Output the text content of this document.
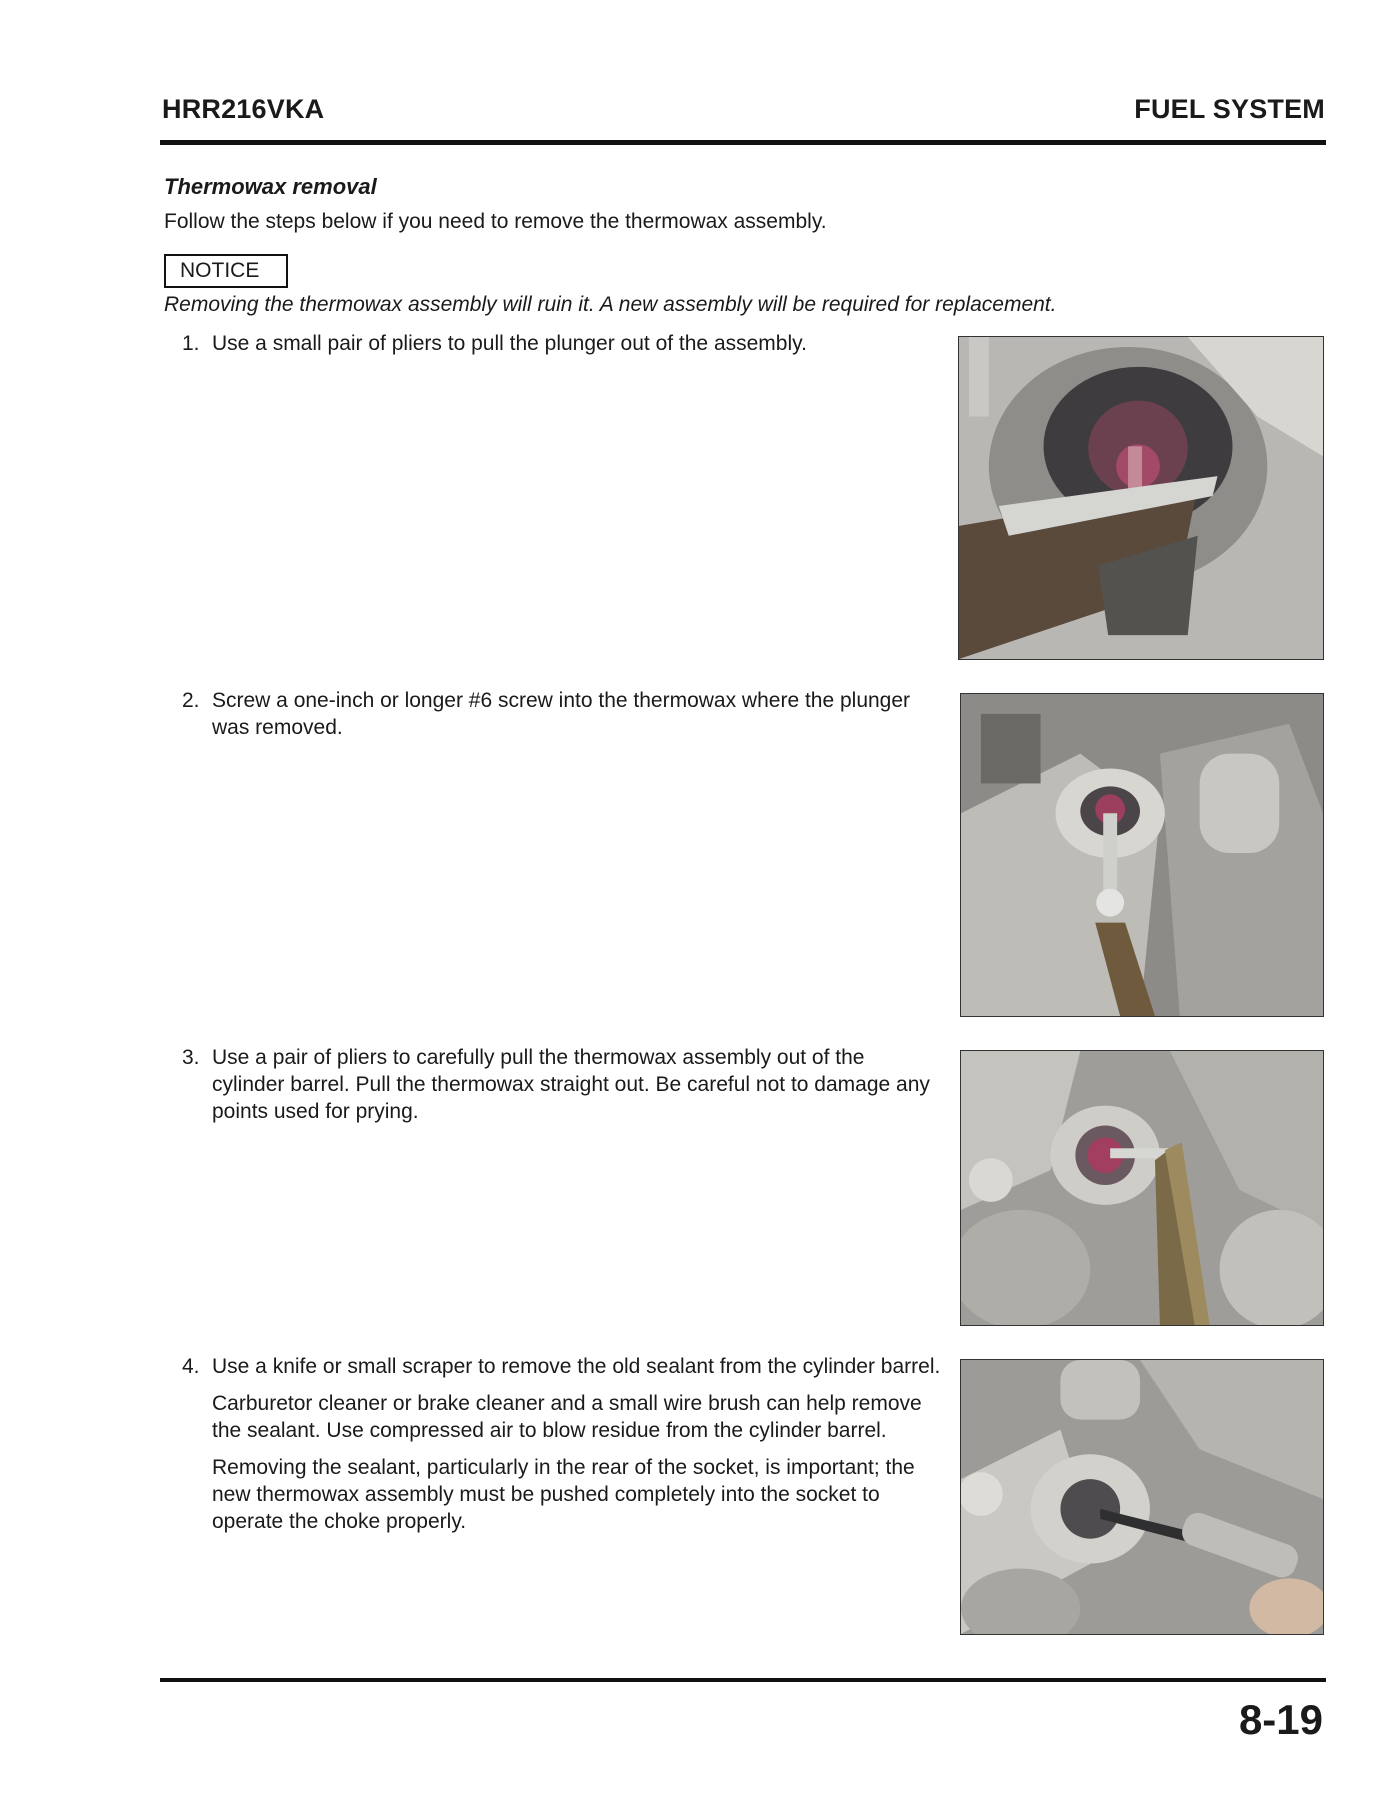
HRR216VKA	FUEL SYSTEM
Thermowax removal
Follow the steps below if you need to remove the thermowax assembly.
NOTICE
Removing the thermowax assembly will ruin it. A new assembly will be required for replacement.
1. Use a small pair of pliers to pull the plunger out of the assembly.

2. Screw a one-inch or longer #6 screw into the thermowax where the plunger was removed.

3. Use a pair of pliers to carefully pull the thermowax assembly out of the cylinder barrel. Pull the thermowax straight out. Be careful not to damage any points used for prying.

4. Use a knife or small scraper to remove the old sealant from the cylinder barrel.

Carburetor cleaner or brake cleaner and a small wire brush can help remove the sealant. Use compressed air to blow residue from the cylinder barrel.

Removing the sealant, particularly in the rear of the socket, is important; the new thermowax assembly must be pushed completely into the socket to operate the choke properly.

8-19
